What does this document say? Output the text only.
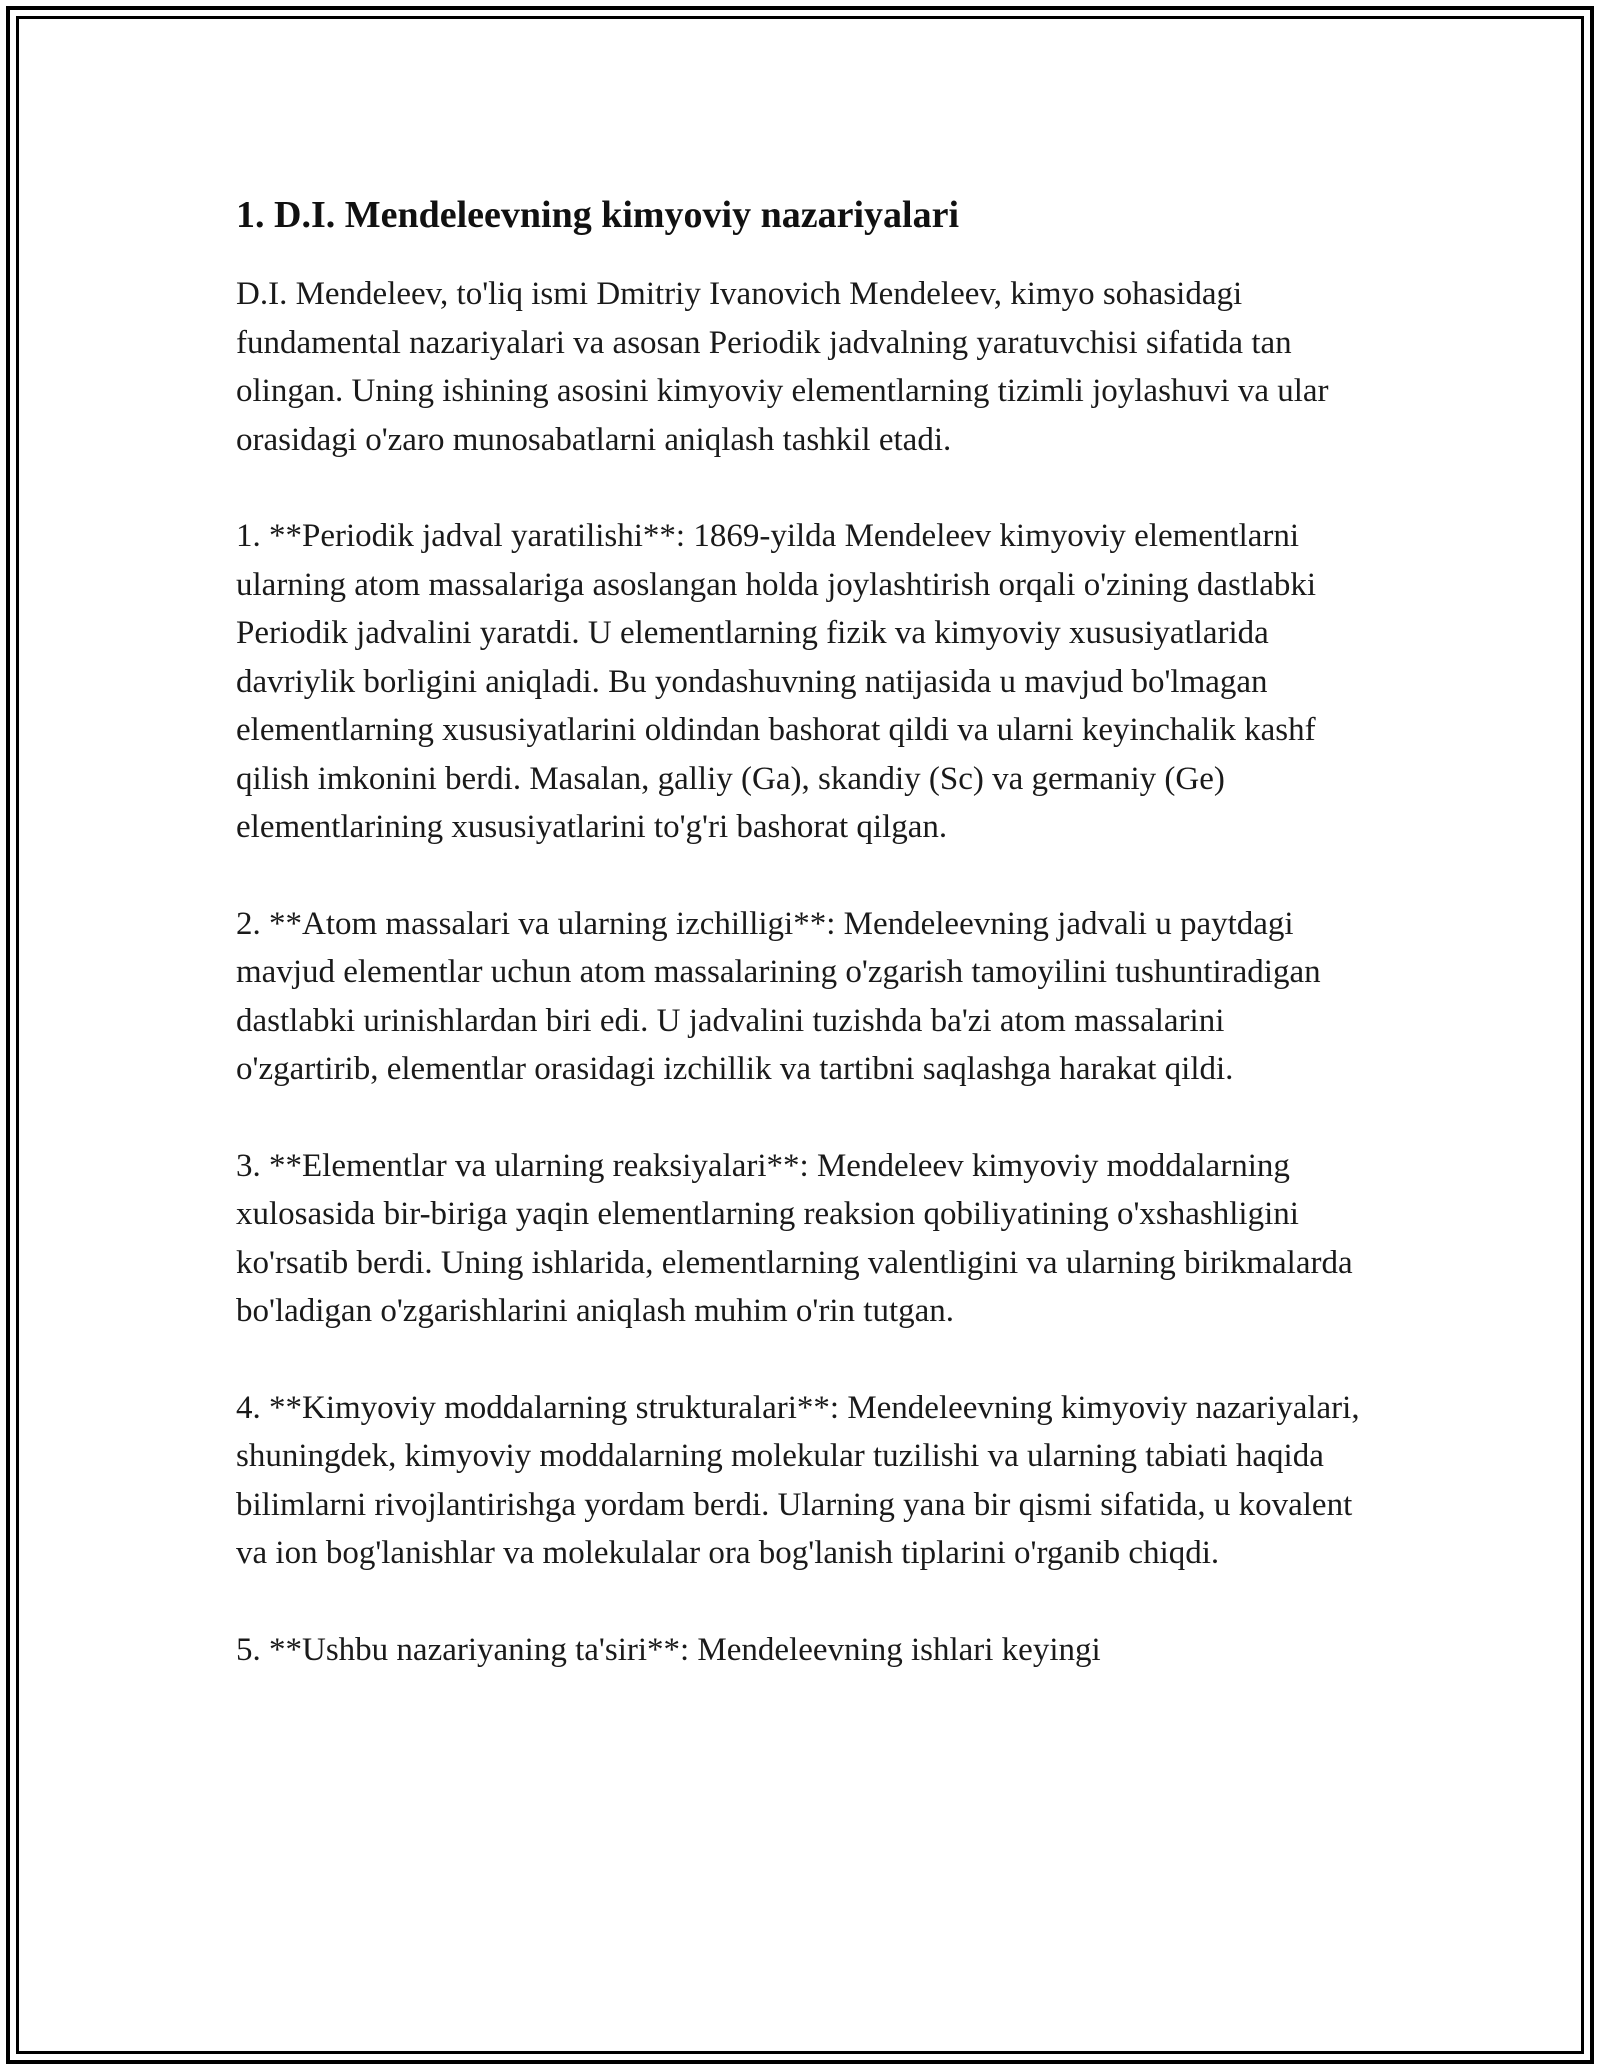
1. D.I. Mendeleevning kimyoviy nazariyalari

D.I. Mendeleev, to'liq ismi Dmitriy Ivanovich Mendeleev, kimyo sohasidagi fundamental nazariyalari va asosan Periodik jadvalning yaratuvchisi sifatida tan olingan. Uning ishining asosini kimyoviy elementlarning tizimli joylashuvi va ular orasidagi o'zaro munosabatlarni aniqlash tashkil etadi.

1. **Periodik jadval yaratilishi**: 1869-yilda Mendeleev kimyoviy elementlarni ularning atom massalariga asoslangan holda joylashtirish orqali o'zining dastlabki Periodik jadvalini yaratdi. U elementlarning fizik va kimyoviy xususiyatlarida davriylik borligini aniqladi. Bu yondashuvning natijasida u mavjud bo'lmagan elementlarning xususiyatlarini oldindan bashorat qildi va ularni keyinchalik kashf qilish imkonini berdi. Masalan, galliy (Ga), skandiy (Sc) va germaniy (Ge) elementlarining xususiyatlarini to'g'ri bashorat qilgan.

2. **Atom massalari va ularning izchilligi**: Mendeleevning jadvali u paytdagi mavjud elementlar uchun atom massalarining o'zgarish tamoyilini tushuntiradigan dastlabki urinishlardan biri edi. U jadvalini tuzishda ba'zi atom massalarini o'zgartirib, elementlar orasidagi izchillik va tartibni saqlashga harakat qildi.

3. **Elementlar va ularning reaksiyalari**: Mendeleev kimyoviy moddalarning xulosasida bir-biriga yaqin elementlarning reaksion qobiliyatining o'xshashligini ko'rsatib berdi. Uning ishlarida, elementlarning valentligini va ularning birikmalarda bo'ladigan o'zgarishlarini aniqlash muhim o'rin tutgan.

4. **Kimyoviy moddalarning strukturalari**: Mendeleevning kimyoviy nazariyalari, shuningdek, kimyoviy moddalarning molekular tuzilishi va ularning tabiati haqida bilimlarni rivojlantirishga yordam berdi. Ularning yana bir qismi sifatida, u kovalent va ion bog'lanishlar va molekulalar ora bog'lanish tiplarini o'rganib chiqdi.

5. **Ushbu nazariyaning ta'siri**: Mendeleevning ishlari keyingi
